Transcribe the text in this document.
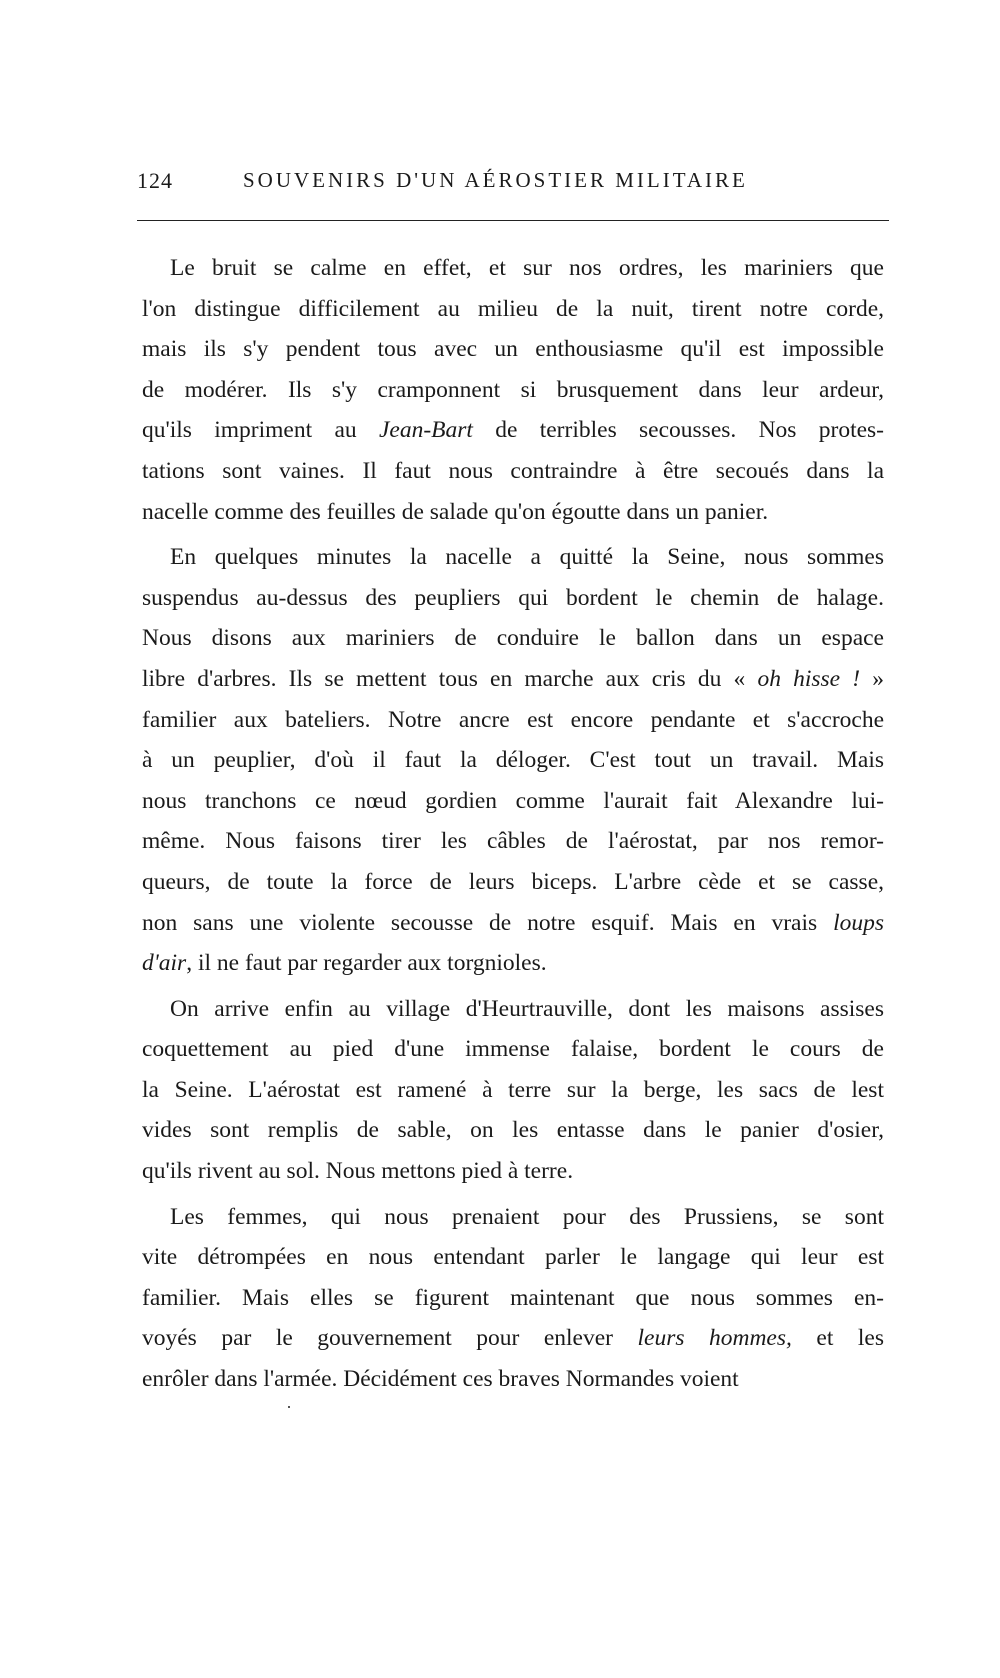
124	SOUVENIRS D'UN AÉROSTIER MILITAIRE
Le bruit se calme en effet, et sur nos ordres, les mariniers que
l'on distingue difficilement au milieu de la nuit, tirent notre corde,
mais ils s'y pendent tous avec un enthousiasme qu'il est impossible
de modérer. Ils s'y cramponnent si brusquement dans leur ardeur,
qu'ils impriment au Jean-Bart de terribles secousses. Nos protes-
tations sont vaines. Il faut nous contraindre à être secoués dans la
nacelle comme des feuilles de salade qu'on égoutte dans un panier.
En quelques minutes la nacelle a quitté la Seine, nous sommes
suspendus au-dessus des peupliers qui bordent le chemin de halage.
Nous disons aux mariniers de conduire le ballon dans un espace
libre d'arbres. Ils se mettent tous en marche aux cris du « oh hisse ! »
familier aux bateliers. Notre ancre est encore pendante et s'accroche
à un peuplier, d'où il faut la déloger. C'est tout un travail. Mais
nous tranchons ce nœud gordien comme l'aurait fait Alexandre lui-
même. Nous faisons tirer les câbles de l'aérostat, par nos remor-
queurs, de toute la force de leurs biceps. L'arbre cède et se casse,
non sans une violente secousse de notre esquif. Mais en vrais loups
d'air, il ne faut par regarder aux torgnioles.
On arrive enfin au village d'Heurtrauville, dont les maisons assises
coquettement au pied d'une immense falaise, bordent le cours de
la Seine. L'aérostat est ramené à terre sur la berge, les sacs de lest
vides sont remplis de sable, on les entasse dans le panier d'osier,
qu'ils rivent au sol. Nous mettons pied à terre.
Les femmes, qui nous prenaient pour des Prussiens, se sont
vite détrompées en nous entendant parler le langage qui leur est
familier. Mais elles se figurent maintenant que nous sommes en-
voyés par le gouvernement pour enlever leurs hommes, et les
enrôler dans l'armée. Décidément ces braves Normandes voient
